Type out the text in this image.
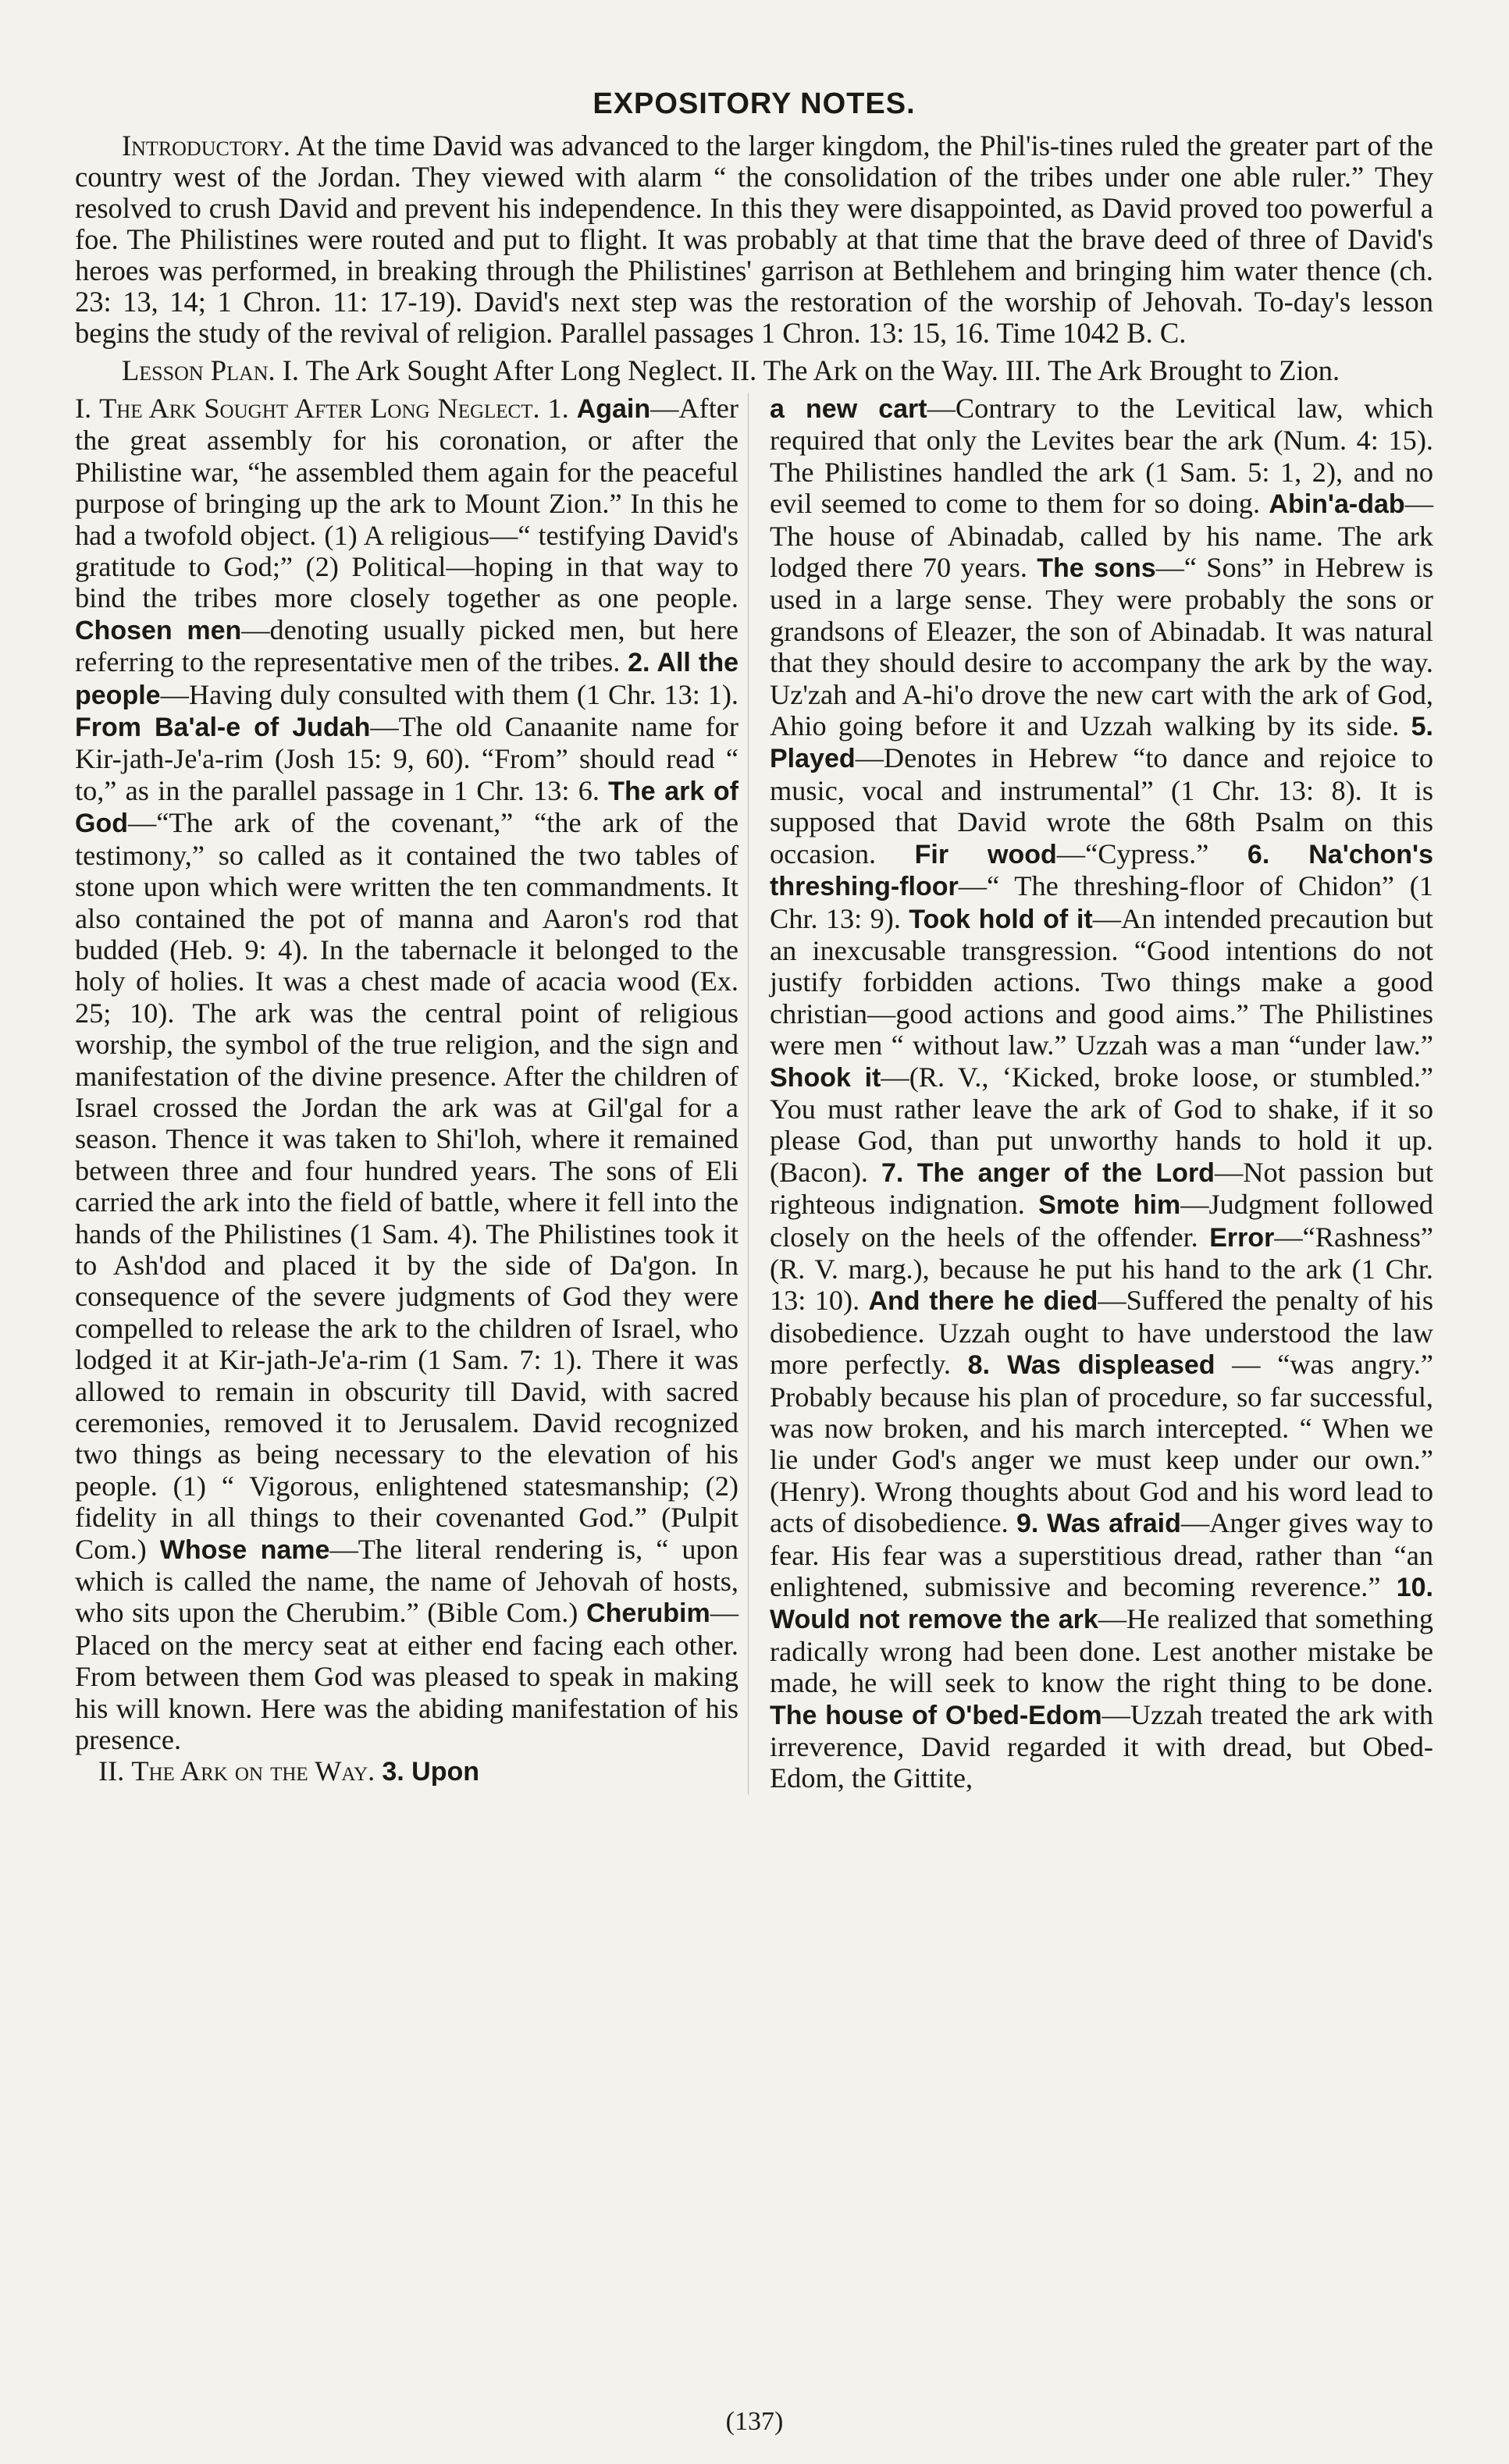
EXPOSITORY NOTES.

Introductory. At the time David was advanced to the larger kingdom, the Phil'is-tines ruled the greater part of the country west of the Jordan. They viewed with alarm “ the consolidation of the tribes under one able ruler.” They resolved to crush David and prevent his independence. In this they were disappointed, as David proved too powerful a foe. The Philistines were routed and put to flight. It was probably at that time that the brave deed of three of David's heroes was performed, in breaking through the Philistines' garrison at Bethlehem and bringing him water thence (ch. 23: 13, 14; 1 Chron. 11: 17-19). David's next step was the restoration of the worship of Jehovah. To-day's lesson begins the study of the revival of religion. Parallel passages 1 Chron. 13: 15, 16. Time 1042 B. C.

Lesson Plan. I. The Ark Sought After Long Neglect. II. The Ark on the Way. III. The Ark Brought to Zion.

I. The Ark Sought After Long Neglect. 1. Again—After the great assembly for his coronation, or after the Philistine war, “he assembled them again for the peaceful purpose of bringing up the ark to Mount Zion.” In this he had a twofold object. (1) A religious—“ testifying David's gratitude to God;” (2) Political—hoping in that way to bind the tribes more closely together as one people. Chosen men—denoting usually picked men, but here referring to the representative men of the tribes. 2. All the people—Having duly consulted with them (1 Chr. 13: 1). From Ba'al-e of Judah—The old Canaanite name for Kir-jath-Je'a-rim (Josh 15: 9, 60). “From” should read “ to,” as in the parallel passage in 1 Chr. 13: 6. The ark of God—“The ark of the covenant,” “the ark of the testimony,” so called as it contained the two tables of stone upon which were written the ten commandments. It also contained the pot of manna and Aaron's rod that budded (Heb. 9: 4). In the tabernacle it belonged to the holy of holies. It was a chest made of acacia wood (Ex. 25; 10). The ark was the central point of religious worship, the symbol of the true religion, and the sign and manifestation of the divine presence. After the children of Israel crossed the Jordan the ark was at Gil'gal for a season. Thence it was taken to Shi'loh, where it remained between three and four hundred years. The sons of Eli carried the ark into the field of battle, where it fell into the hands of the Philistines (1 Sam. 4). The Philistines took it to Ash'dod and placed it by the side of Da'gon. In consequence of the severe judgments of God they were compelled to release the ark to the children of Israel, who lodged it at Kir-jath-Je'a-rim (1 Sam. 7: 1). There it was allowed to remain in obscurity till David, with sacred ceremonies, removed it to Jerusalem. David recognized two things as being necessary to the elevation of his people. (1) “ Vigorous, enlightened statesmanship; (2) fidelity in all things to their covenanted God.” (Pulpit Com.) Whose name—The literal rendering is, “ upon which is called the name, the name of Jehovah of hosts, who sits upon the Cherubim.” (Bible Com.) Cherubim—Placed on the mercy seat at either end facing each other. From between them God was pleased to speak in making his will known. Here was the abiding manifestation of his presence.

II. The Ark on the Way. 3. Upon

a new cart—Contrary to the Levitical law, which required that only the Levites bear the ark (Num. 4: 15). The Philistines handled the ark (1 Sam. 5: 1, 2), and no evil seemed to come to them for so doing. Abin'a-dab—The house of Abinadab, called by his name. The ark lodged there 70 years. The sons—“ Sons” in Hebrew is used in a large sense. They were probably the sons or grandsons of Eleazer, the son of Abinadab. It was natural that they should desire to accompany the ark by the way. Uz'zah and A-hi'o drove the new cart with the ark of God, Ahio going before it and Uzzah walking by its side. 5. Played—Denotes in Hebrew “to dance and rejoice to music, vocal and instrumental” (1 Chr. 13: 8). It is supposed that David wrote the 68th Psalm on this occasion. Fir wood—“Cypress.” 6. Na'chon's threshing-floor—“ The threshing-floor of Chidon” (1 Chr. 13: 9). Took hold of it—An intended precaution but an inexcusable transgression. “Good intentions do not justify forbidden actions. Two things make a good christian—good actions and good aims.” The Philistines were men “ without law.” Uzzah was a man “under law.” Shook it—(R. V., ‘Kicked, broke loose, or stumbled.” You must rather leave the ark of God to shake, if it so please God, than put unworthy hands to hold it up. (Bacon). 7. The anger of the Lord—Not passion but righteous indignation. Smote him—Judgment followed closely on the heels of the offender. Error—“Rashness” (R. V. marg.), because he put his hand to the ark (1 Chr. 13: 10). And there he died—Suffered the penalty of his disobedience. Uzzah ought to have understood the law more perfectly. 8. Was displeased — “was angry.” Probably because his plan of procedure, so far successful, was now broken, and his march intercepted. “ When we lie under God's anger we must keep under our own.” (Henry). Wrong thoughts about God and his word lead to acts of disobedience. 9. Was afraid—Anger gives way to fear. His fear was a superstitious dread, rather than “an enlightened, submissive and becoming reverence.” 10. Would not remove the ark—He realized that something radically wrong had been done. Lest another mistake be made, he will seek to know the right thing to be done. The house of O'bed-Edom—Uzzah treated the ark with irreverence, David regarded it with dread, but Obed-Edom, the Gittite,

(137)
